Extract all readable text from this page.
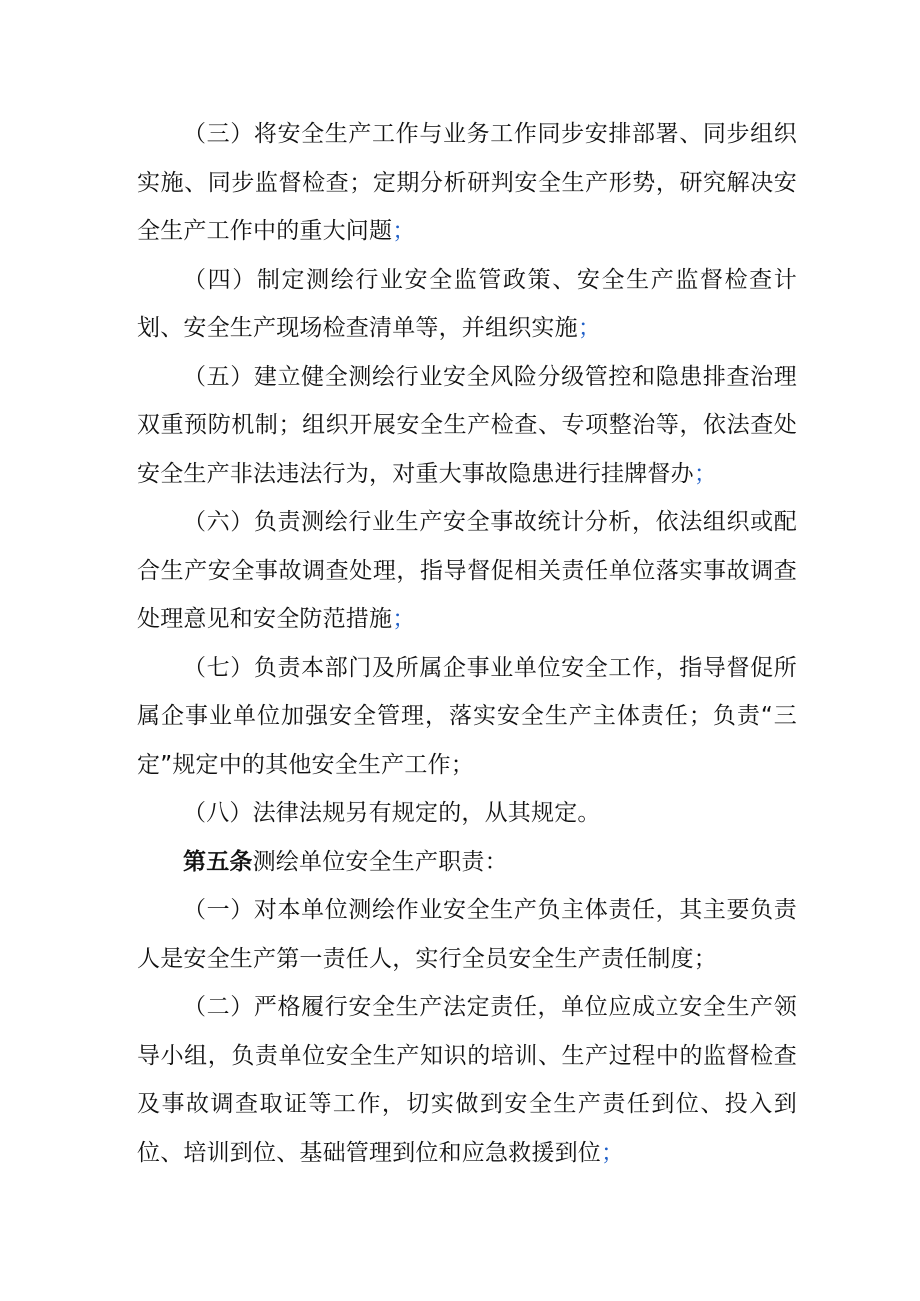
（三）将安全生产工作与业务工作同步安排部署、同步组织实施、同步监督检查；定期分析研判安全生产形势，研究解决安全生产工作中的重大问题；

（四）制定测绘行业安全监管政策、安全生产监督检查计划、安全生产现场检查清单等，并组织实施；

（五）建立健全测绘行业安全风险分级管控和隐患排查治理双重预防机制；组织开展安全生产检查、专项整治等，依法查处安全生产非法违法行为，对重大事故隐患进行挂牌督办；

（六）负责测绘行业生产安全事故统计分析，依法组织或配合生产安全事故调查处理，指导督促相关责任单位落实事故调查处理意见和安全防范措施；

（七）负责本部门及所属企事业单位安全工作，指导督促所属企事业单位加强安全管理，落实安全生产主体责任；负责“三定”规定中的其他安全生产工作；

（八）法律法规另有规定的，从其规定。

第五条测绘单位安全生产职责：

（一）对本单位测绘作业安全生产负主体责任，其主要负责人是安全生产第一责任人，实行全员安全生产责任制度；

（二）严格履行安全生产法定责任，单位应成立安全生产领导小组，负责单位安全生产知识的培训、生产过程中的监督检查及事故调查取证等工作，切实做到安全生产责任到位、投入到位、培训到位、基础管理到位和应急救援到位；
